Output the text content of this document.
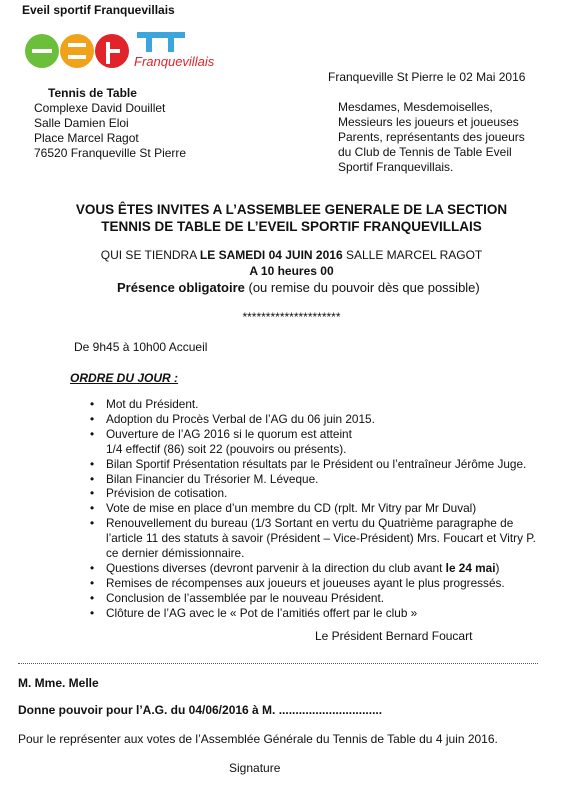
Eveil sportif Franquevillais
Franquevillais
Franqueville St Pierre le 02 Mai 2016
Tennis de Table
Complexe David Douillet
Salle Damien Eloi
Place Marcel Ragot
76520 Franqueville St Pierre
Mesdames, Mesdemoiselles,
Messieurs les joueurs et joueuses
Parents, représentants des joueurs
du Club de Tennis de Table Eveil
Sportif Franquevillais.
VOUS ÊTES INVITES A L’ASSEMBLEE GENERALE DE LA SECTION
TENNIS DE TABLE DE L’EVEIL SPORTIF FRANQUEVILLAIS
QUI SE TIENDRA LE SAMEDI 04 JUIN 2016 SALLE MARCEL RAGOT
A 10 heures 00
Présence obligatoire (ou remise du pouvoir dès que possible)
*********************
De 9h45 à 10h00 Accueil
ORDRE DU JOUR :
• Mot du Président.
• Adoption du Procès Verbal de l’AG du 06 juin 2015.
• Ouverture de l’AG 2016 si le quorum est atteint
1/4 effectif (86) soit 22 (pouvoirs ou présents).
• Bilan Sportif Présentation résultats par le Président ou l’entraîneur Jérôme Juge.
• Bilan Financier du Trésorier M. Léveque.
• Prévision de cotisation.
• Vote de mise en place d’un membre du CD (rplt. Mr Vitry par Mr Duval)
• Renouvellement du bureau (1/3 Sortant en vertu du Quatrième paragraphe de
l’article 11 des statuts à savoir (Président – Vice-Président) Mrs. Foucart et Vitry P.
ce dernier démissionnaire.
• Questions diverses (devront parvenir à la direction du club avant le 24 mai)
• Remises de récompenses aux joueurs et joueuses ayant le plus progressés.
• Conclusion de l’assemblée par le nouveau Président.
• Clôture de l’AG avec le « Pot de l’amitiés offert par le club »
Le Président Bernard Foucart
M. Mme. Melle
Donne pouvoir pour l’A.G. du 04/06/2016 à M. ...............................
Pour le représenter aux votes de l’Assemblée Générale du Tennis de Table du 4 juin 2016.
Signature
